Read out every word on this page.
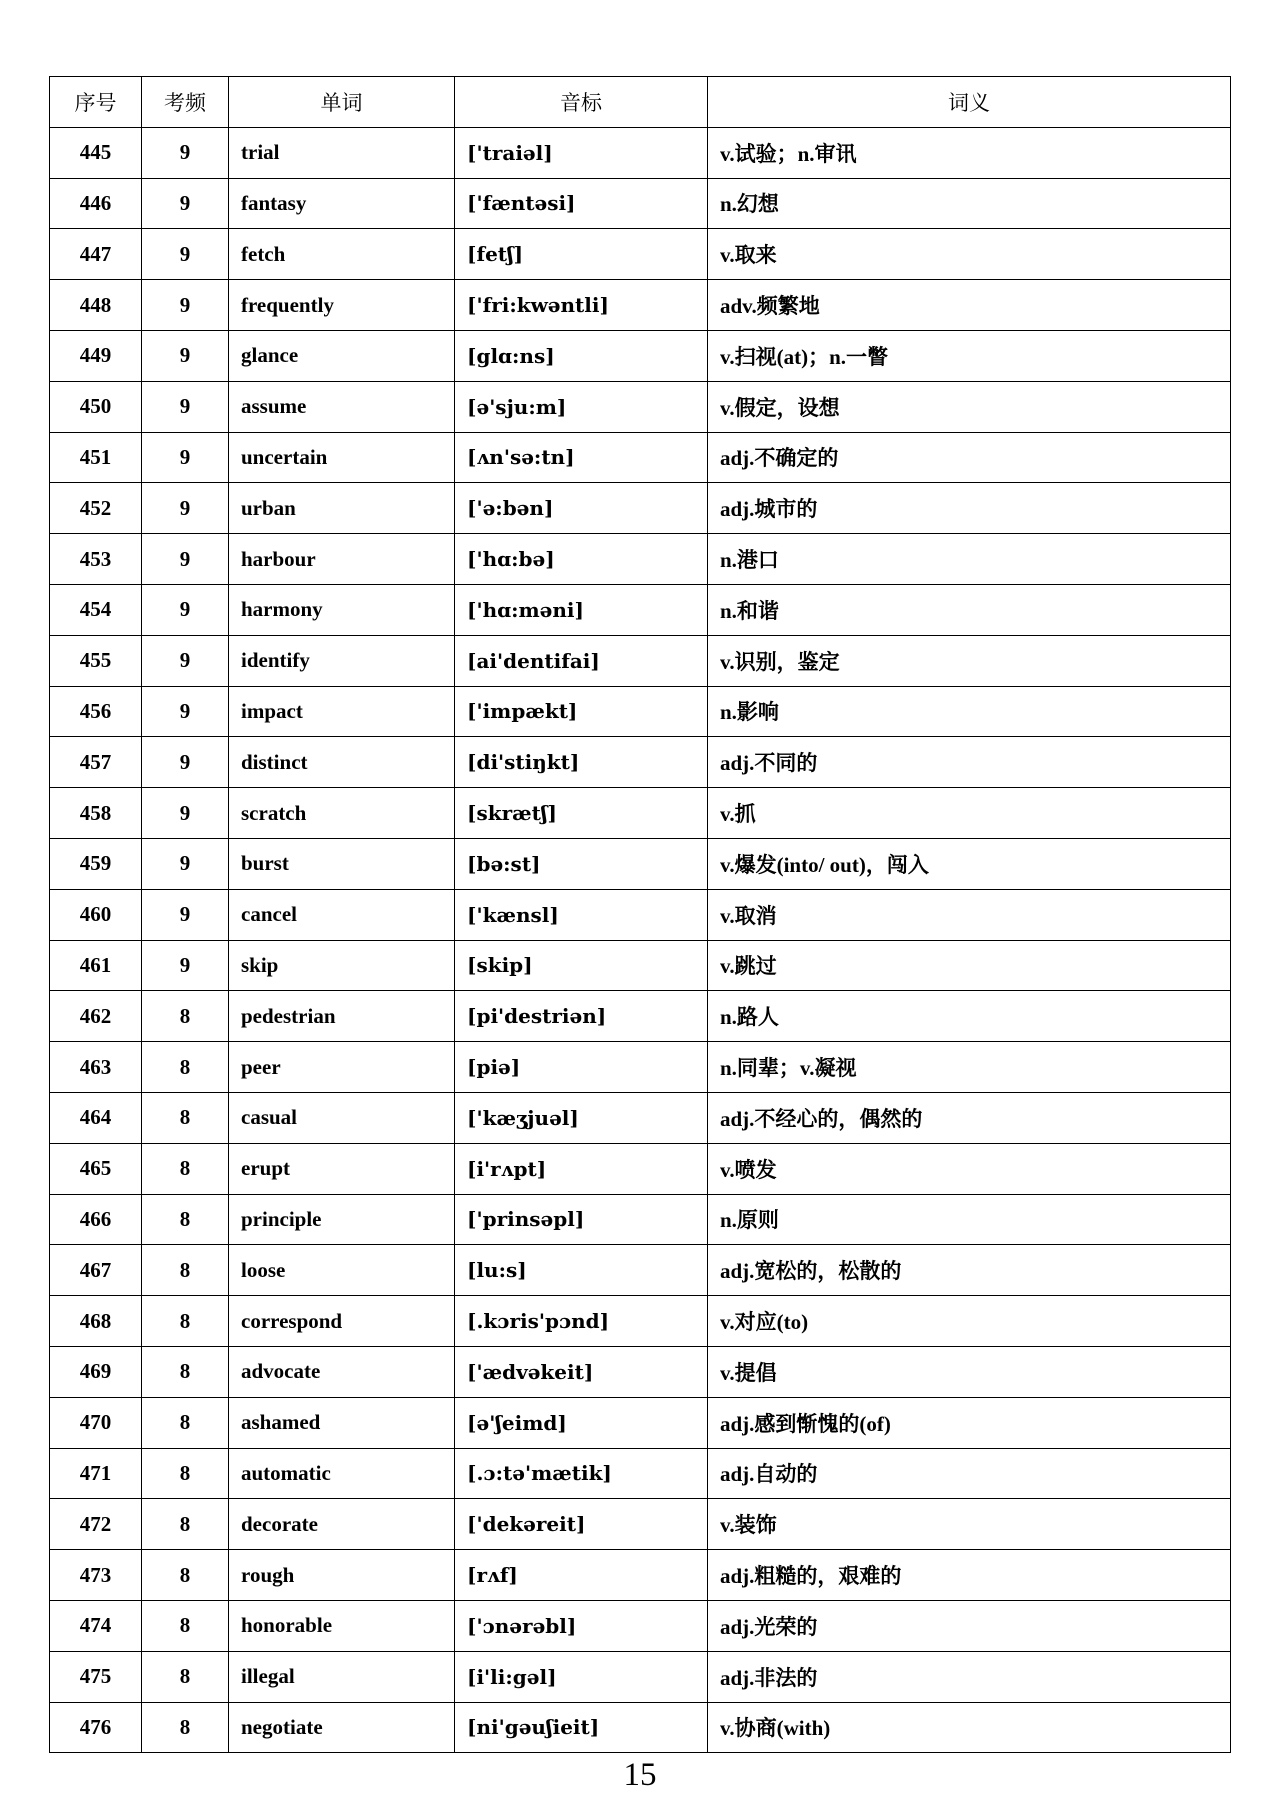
序号	考频	单词	音标	词义
445	9	trial	['traiəl]	v.试验；n.审讯
446	9	fantasy	['fæntəsi]	n.幻想
447	9	fetch	[fetʃ]	v.取来
448	9	frequently	['fri:kwəntli]	adv.频繁地
449	9	glance	[glɑ:ns]	v.扫视(at)；n.一瞥
450	9	assume	[ə'sju:m]	v.假定，设想
451	9	uncertain	[ʌn'sə:tn]	adj.不确定的
452	9	urban	['ə:bən]	adj.城市的
453	9	harbour	['hɑ:bə]	n.港口
454	9	harmony	['hɑ:məni]	n.和谐
455	9	identify	[ai'dentifai]	v.识别，鉴定
456	9	impact	['impækt]	n.影响
457	9	distinct	[di'stiŋkt]	adj.不同的
458	9	scratch	[skrætʃ]	v.抓
459	9	burst	[bə:st]	v.爆发(into/ out)，闯入
460	9	cancel	['kænsl]	v.取消
461	9	skip	[skip]	v.跳过
462	8	pedestrian	[pi'destriən]	n.路人
463	8	peer	[piə]	n.同辈；v.凝视
464	8	casual	['kæʒjuəl]	adj.不经心的，偶然的
465	8	erupt	[i'rʌpt]	v.喷发
466	8	principle	['prinsəpl]	n.原则
467	8	loose	[lu:s]	adj.宽松的，松散的
468	8	correspond	[.kɔris'pɔnd]	v.对应(to)
469	8	advocate	['ædvəkeit]	v.提倡
470	8	ashamed	[ə'ʃeimd]	adj.感到惭愧的(of)
471	8	automatic	[.ɔ:tə'mætik]	adj.自动的
472	8	decorate	['dekəreit]	v.装饰
473	8	rough	[rʌf]	adj.粗糙的，艰难的
474	8	honorable	['ɔnərəbl]	adj.光荣的
475	8	illegal	[i'li:gəl]	adj.非法的
476	8	negotiate	[ni'gəuʃieit]	v.协商(with)
15
